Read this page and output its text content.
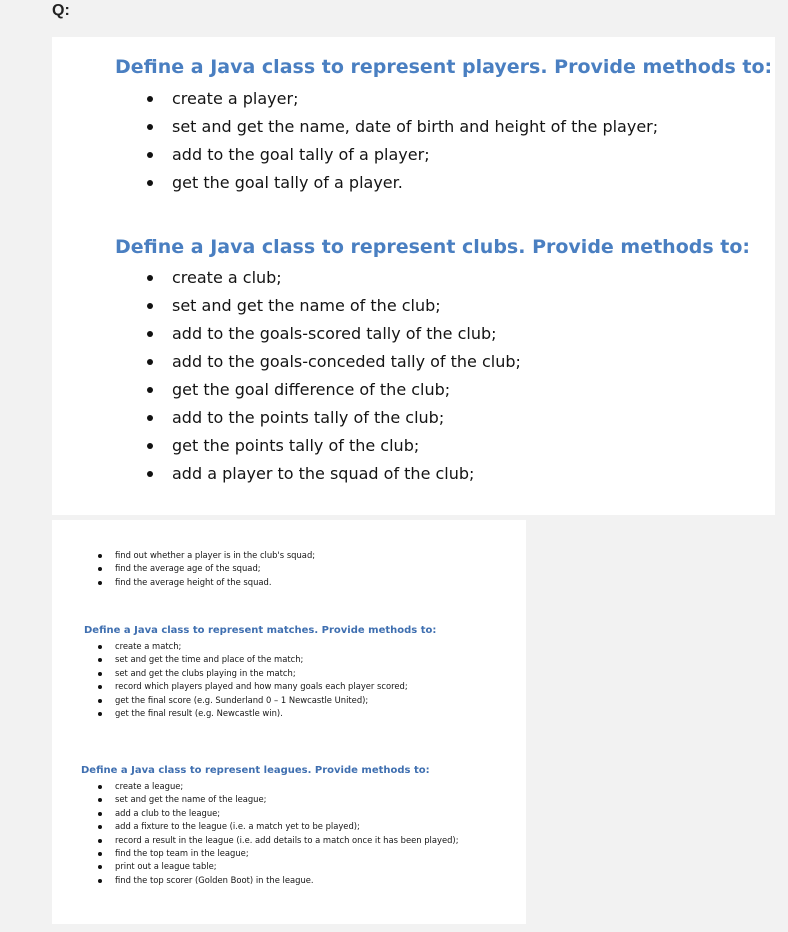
Q:
Define a Java class to represent players. Provide methods to:
create a player;
set and get the name, date of birth and height of the player;
add to the goal tally of a player;
get the goal tally of a player.
Define a Java class to represent clubs. Provide methods to:
create a club;
set and get the name of the club;
add to the goals-scored tally of the club;
add to the goals-conceded tally of the club;
get the goal difference of the club;
add to the points tally of the club;
get the points tally of the club;
add a player to the squad of the club;
find out whether a player is in the club's squad;
find the average age of the squad;
find the average height of the squad.
Define a Java class to represent matches. Provide methods to:
create a match;
set and get the time and place of the match;
set and get the clubs playing in the match;
record which players played and how many goals each player scored;
get the final score (e.g. Sunderland 0 – 1 Newcastle United);
get the final result (e.g. Newcastle win).
Define a Java class to represent leagues. Provide methods to:
create a league;
set and get the name of the league;
add a club to the league;
add a fixture to the league (i.e. a match yet to be played);
record a result in the league (i.e. add details to a match once it has been played);
find the top team in the league;
print out a league table;
find the top scorer (Golden Boot) in the league.
